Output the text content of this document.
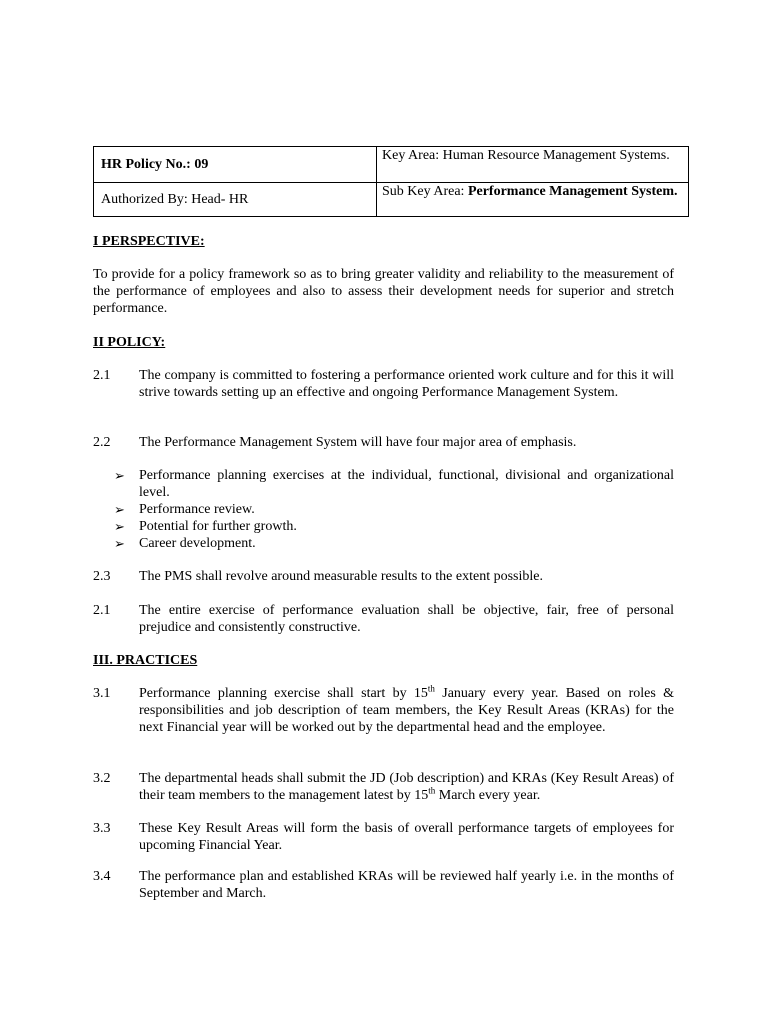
HR Policy No.: 09	Key Area: Human Resource Management Systems.
Authorized By: Head- HR	Sub Key Area: Performance Management System.
I PERSPECTIVE:
To provide for a policy framework so as to bring greater validity and reliability to the measurement of the performance of employees and also to assess their development needs for superior and stretch performance.
II POLICY:
2.1	The company is committed to fostering a performance oriented work culture and for this it will strive towards setting up an effective and ongoing Performance Management System.
2.2	The Performance Management System will have four major area of emphasis.
➢ Performance planning exercises at the individual, functional, divisional and organizational level.
➢ Performance review.
➢ Potential for further growth.
➢ Career development.
2.3	The PMS shall revolve around measurable results to the extent possible.
2.1	The entire exercise of performance evaluation shall be objective, fair, free of personal prejudice and consistently constructive.
III. PRACTICES
3.1	Performance planning exercise shall start by 15th January every year. Based on roles & responsibilities and job description of team members, the Key Result Areas (KRAs) for the next Financial year will be worked out by the departmental head and the employee.
3.2	The departmental heads shall submit the JD (Job description) and KRAs (Key Result Areas) of their team members to the management latest by 15th March every year.
3.3	These Key Result Areas will form the basis of overall performance targets of employees for upcoming Financial Year.
3.4	The performance plan and established KRAs will be reviewed half yearly i.e. in the months of September and March.
